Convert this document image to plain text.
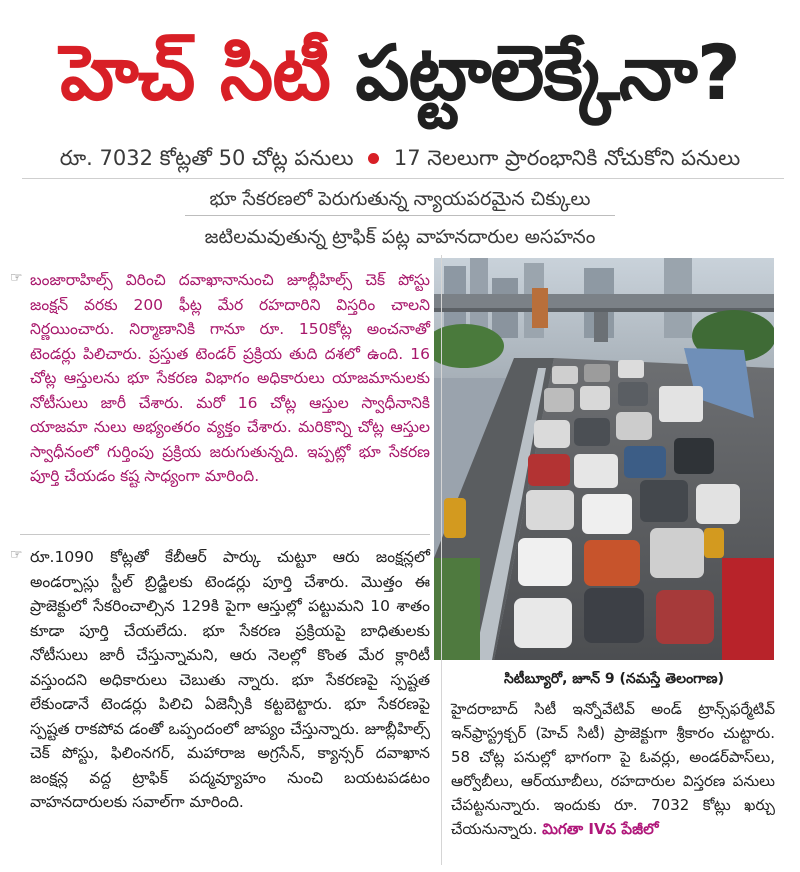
హెచ్ సిటీ పట్టాలెక్కేనా?
రూ. 7032 కోట్లతో 50 చోట్ల పనులు 17 నెలలుగా ప్రారంభానికి నోచుకోని పనులు
భూ సేకరణలో పెరుగుతున్న న్యాయపరమైన చిక్కులు
జటిలమవుతున్న ట్రాఫిక్ పట్ల వాహనదారుల అసహనం
☞ బంజారాహిల్స్ విరించి దవాఖానానుంచి జూబ్లీహిల్స్ చెక్ పోస్టు జంక్షన్ వరకు 200 ఫీట్ల మేర రహదారిని విస్తరిం చాలని నిర్ణయించారు. నిర్మాణానికి గానూ రూ. 150కోట్ల అంచనాతో టెండర్లు పిలిచారు. ప్రస్తుత టెండర్ ప్రక్రియ తుది దశలో ఉంది. 16 చోట్ల ఆస్తులను భూ సేకరణ విభాగం అధికారులు యాజమానులకు నోటీసులు జారీ చేశారు. మరో 16 చోట్ల ఆస్తుల స్వాధీనానికి యాజమా నులు అభ్యంతరం వ్యక్తం చేశారు. మరికొన్ని చోట్ల ఆస్తుల స్వాధీనంలో గుర్తింపు ప్రక్రియ జరుగుతున్నది. ఇప్పట్లో భూ సేకరణ పూర్తి చేయడం కష్ట సాధ్యంగా మారింది.
☞ రూ.1090 కోట్లతో కేబీఆర్ పార్కు చుట్టూ ఆరు జంక్షన్లలో అండర్పాస్లు స్టీల్ బ్రిడ్జిలకు టెండర్లు పూర్తి చేశారు. మొత్తం ఈ ప్రాజెక్టులో సేకరించాల్సిన 129కి పైగా ఆస్తుల్లో పట్టుమని 10 శాతం కూడా పూర్తి చేయలేదు. భూ సేకరణ ప్రక్రియపై బాధితులకు నోటీసులు జారీ చేస్తున్నామని, ఆరు నెలల్లో కొంత మేర క్లారిటీ వస్తుందని అధికారులు చెబుతు న్నారు. భూ సేకరణపై స్పష్టత లేకుండానే టెండర్లు పిలిచి ఏజెన్సీకి కట్టబెట్టారు. భూ సేకరణపై స్పష్టత రాకపోవ డంతో ఒప్పందంలో జాప్యం చేస్తున్నారు. జూబ్లీహిల్స్ చెక్ పోస్టు, ఫిలింనగర్, మహారాజ అగ్రసేన్, క్యాన్సర్ దవాఖాన జంక్షన్ల వద్ద ట్రాఫిక్ పద్మవ్యూహం నుంచి బయటపడటం వాహనదారులకు సవాల్‌గా మారింది.
సిటీబ్యూరో, జూన్ 9 (నమస్తే తెలంగాణ)
హైదరాబాద్ సిటీ ఇన్నోవేటివ్ అండ్ ట్రాన్స్‌ఫర్మేటివ్ ఇన్‌ఫ్రాస్ట్రక్చర్ (హెచ్ సిటీ) ప్రాజెక్టుగా శ్రీకారం చుట్టారు. 58 చోట్ల పనుల్లో భాగంగా పై ఓవర్లు, అండర్‌పాస్‌లు, ఆర్వోబీలు, ఆర్‌యూబీలు, రహదారుల విస్తరణ పనులు చేపట్టనున్నారు. ఇందుకు రూ. 7032 కోట్లు ఖర్చు చేయనున్నారు. మిగతా IVవ పేజీలో
